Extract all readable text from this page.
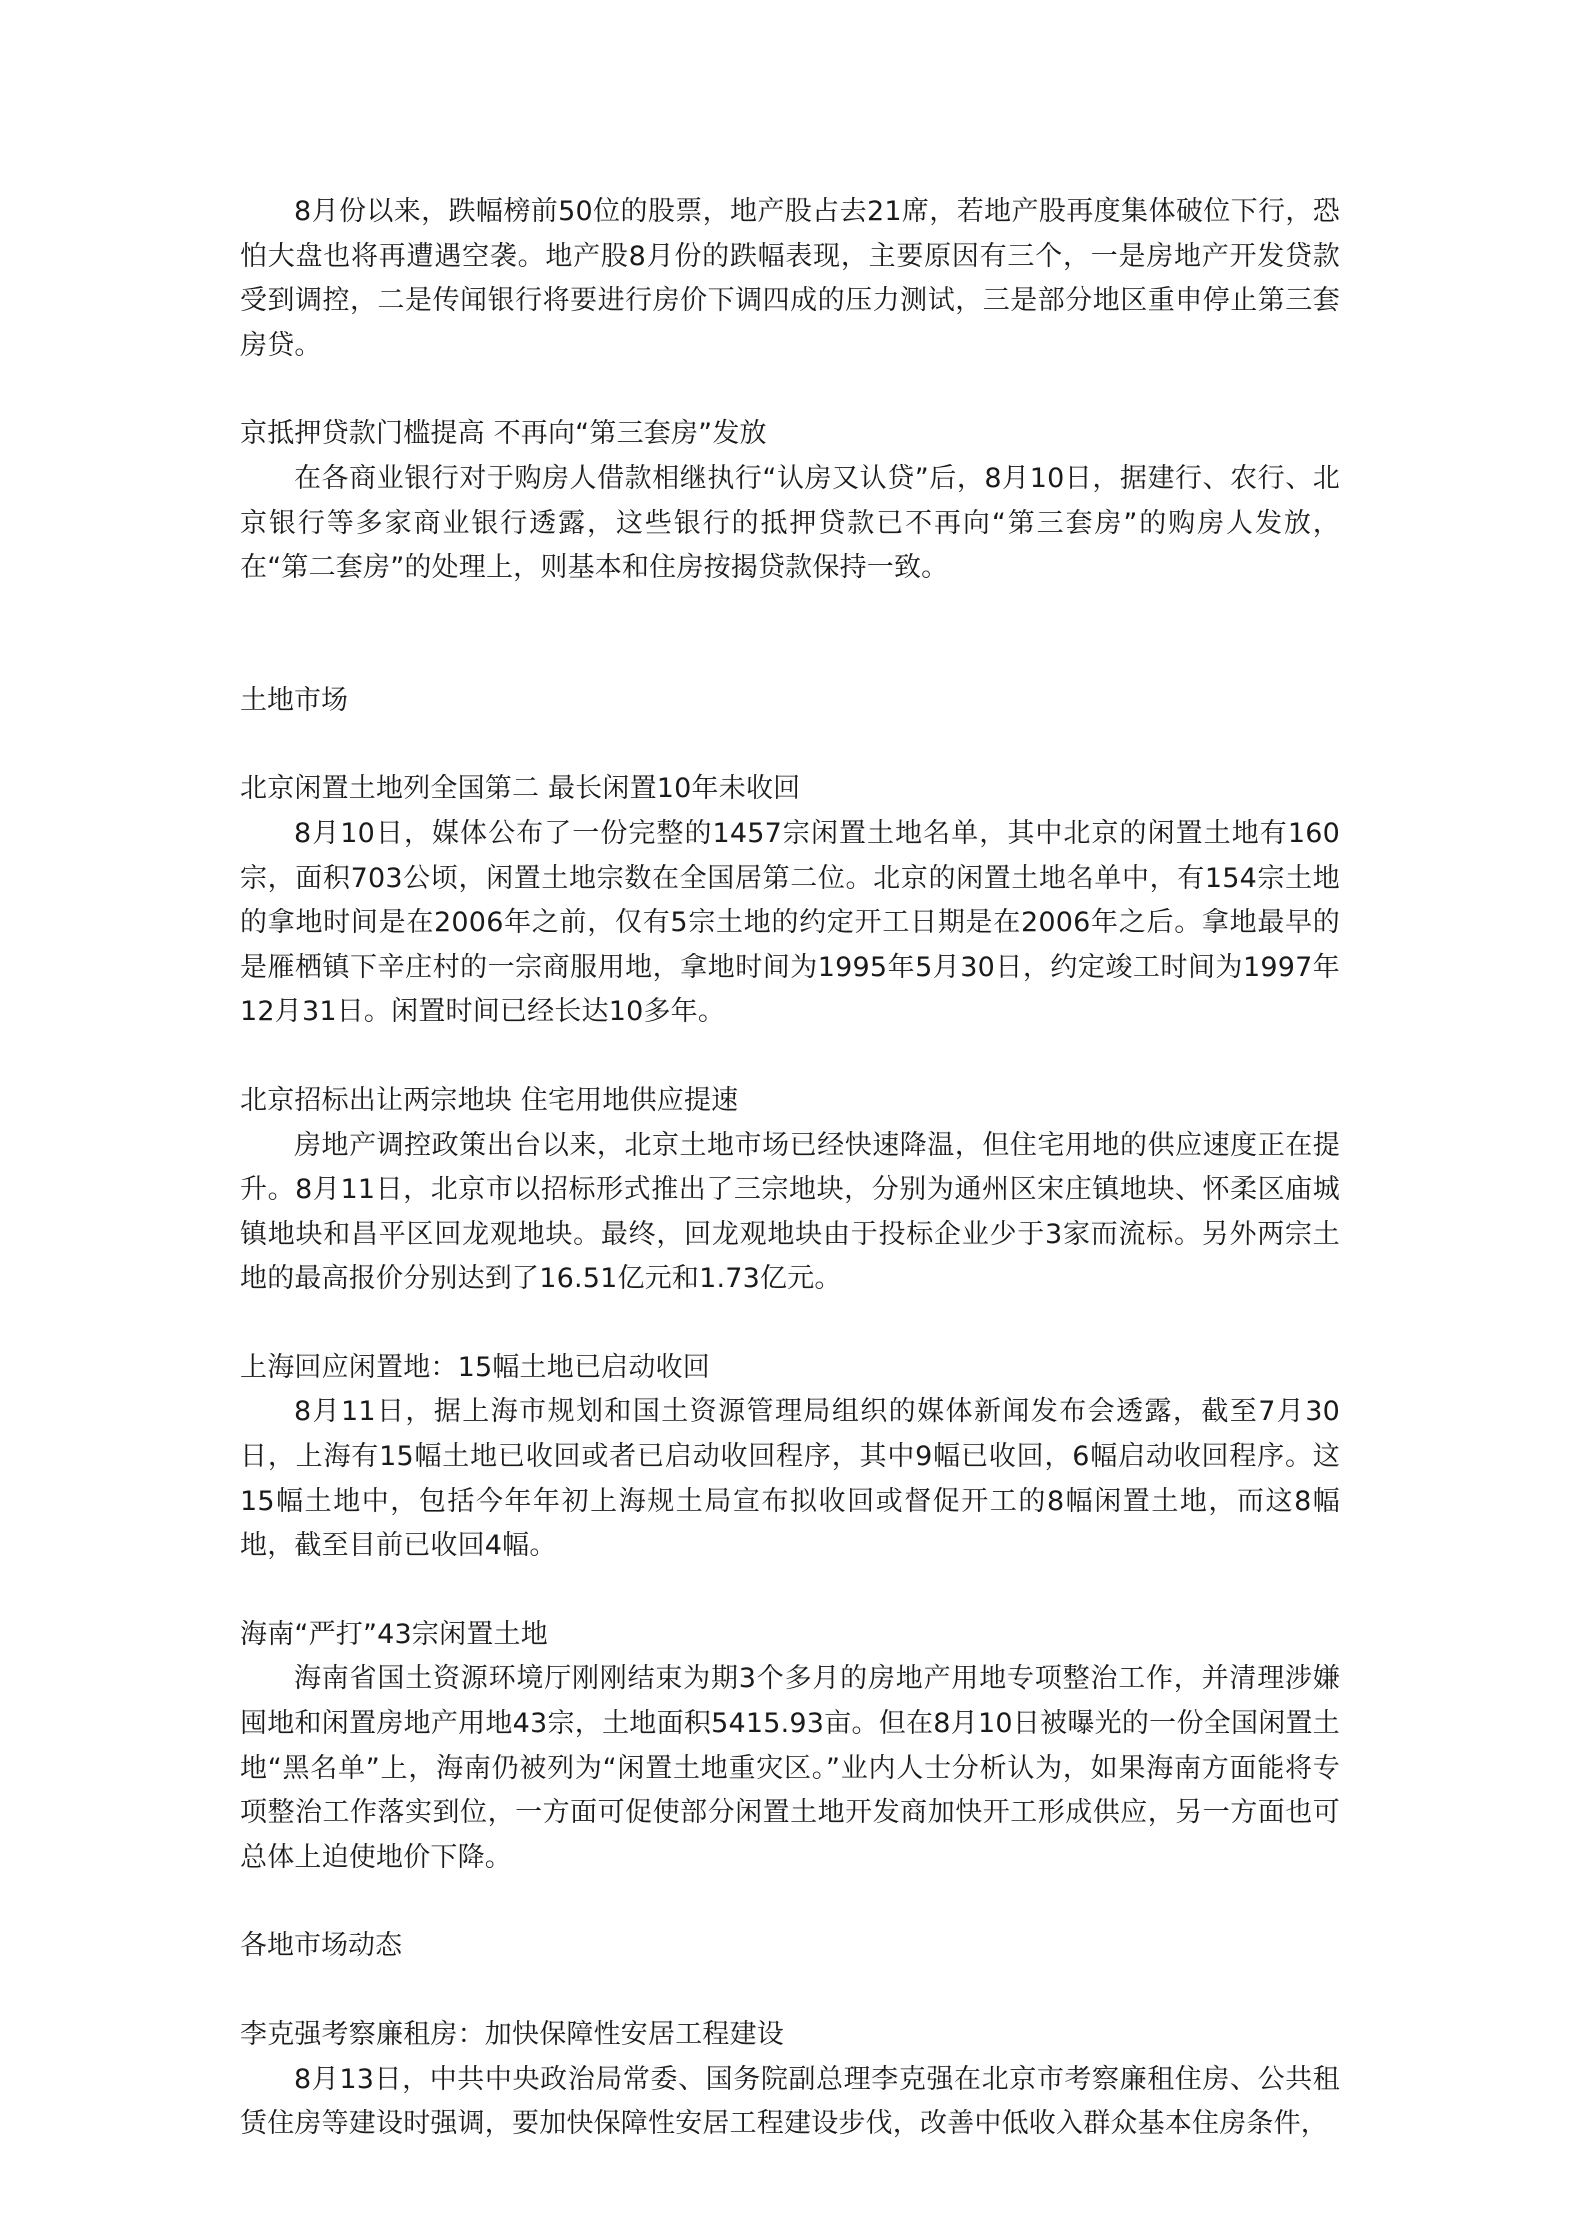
8月份以来，跌幅榜前50位的股票，地产股占去21席，若地产股再度集体破位下行，恐怕大盘也将再遭遇空袭。地产股8月份的跌幅表现，主要原因有三个，一是房地产开发贷款受到调控，二是传闻银行将要进行房价下调四成的压力测试，三是部分地区重申停止第三套房贷。

京抵押贷款门槛提高 不再向“第三套房”发放

在各商业银行对于购房人借款相继执行“认房又认贷”后，8月10日，据建行、农行、北京银行等多家商业银行透露，这些银行的抵押贷款已不再向“第三套房”的购房人发放，在“第二套房”的处理上，则基本和住房按揭贷款保持一致。

土地市场

北京闲置土地列全国第二 最长闲置10年未收回

8月10日，媒体公布了一份完整的1457宗闲置土地名单，其中北京的闲置土地有160宗，面积703公顷，闲置土地宗数在全国居第二位。北京的闲置土地名单中，有154宗土地的拿地时间是在2006年之前，仅有5宗土地的约定开工日期是在2006年之后。拿地最早的是雁栖镇下辛庄村的一宗商服用地，拿地时间为1995年5月30日，约定竣工时间为1997年12月31日。闲置时间已经长达10多年。

北京招标出让两宗地块 住宅用地供应提速

房地产调控政策出台以来，北京土地市场已经快速降温，但住宅用地的供应速度正在提升。8月11日，北京市以招标形式推出了三宗地块，分别为通州区宋庄镇地块、怀柔区庙城镇地块和昌平区回龙观地块。最终，回龙观地块由于投标企业少于3家而流标。另外两宗土地的最高报价分别达到了16.51亿元和1.73亿元。

上海回应闲置地：15幅土地已启动收回

8月11日，据上海市规划和国土资源管理局组织的媒体新闻发布会透露，截至7月30日，上海有15幅土地已收回或者已启动收回程序，其中9幅已收回，6幅启动收回程序。这15幅土地中，包括今年年初上海规土局宣布拟收回或督促开工的8幅闲置土地，而这8幅地，截至目前已收回4幅。

海南“严打”43宗闲置土地

海南省国土资源环境厅刚刚结束为期3个多月的房地产用地专项整治工作，并清理涉嫌囤地和闲置房地产用地43宗，土地面积5415.93亩。但在8月10日被曝光的一份全国闲置土地“黑名单”上，海南仍被列为“闲置土地重灾区。”业内人士分析认为，如果海南方面能将专项整治工作落实到位，一方面可促使部分闲置土地开发商加快开工形成供应，另一方面也可总体上迫使地价下降。

各地市场动态

李克强考察廉租房：加快保障性安居工程建设

8月13日，中共中央政治局常委、国务院副总理李克强在北京市考察廉租住房、公共租赁住房等建设时强调，要加快保障性安居工程建设步伐，改善中低收入群众基本住房条件，
